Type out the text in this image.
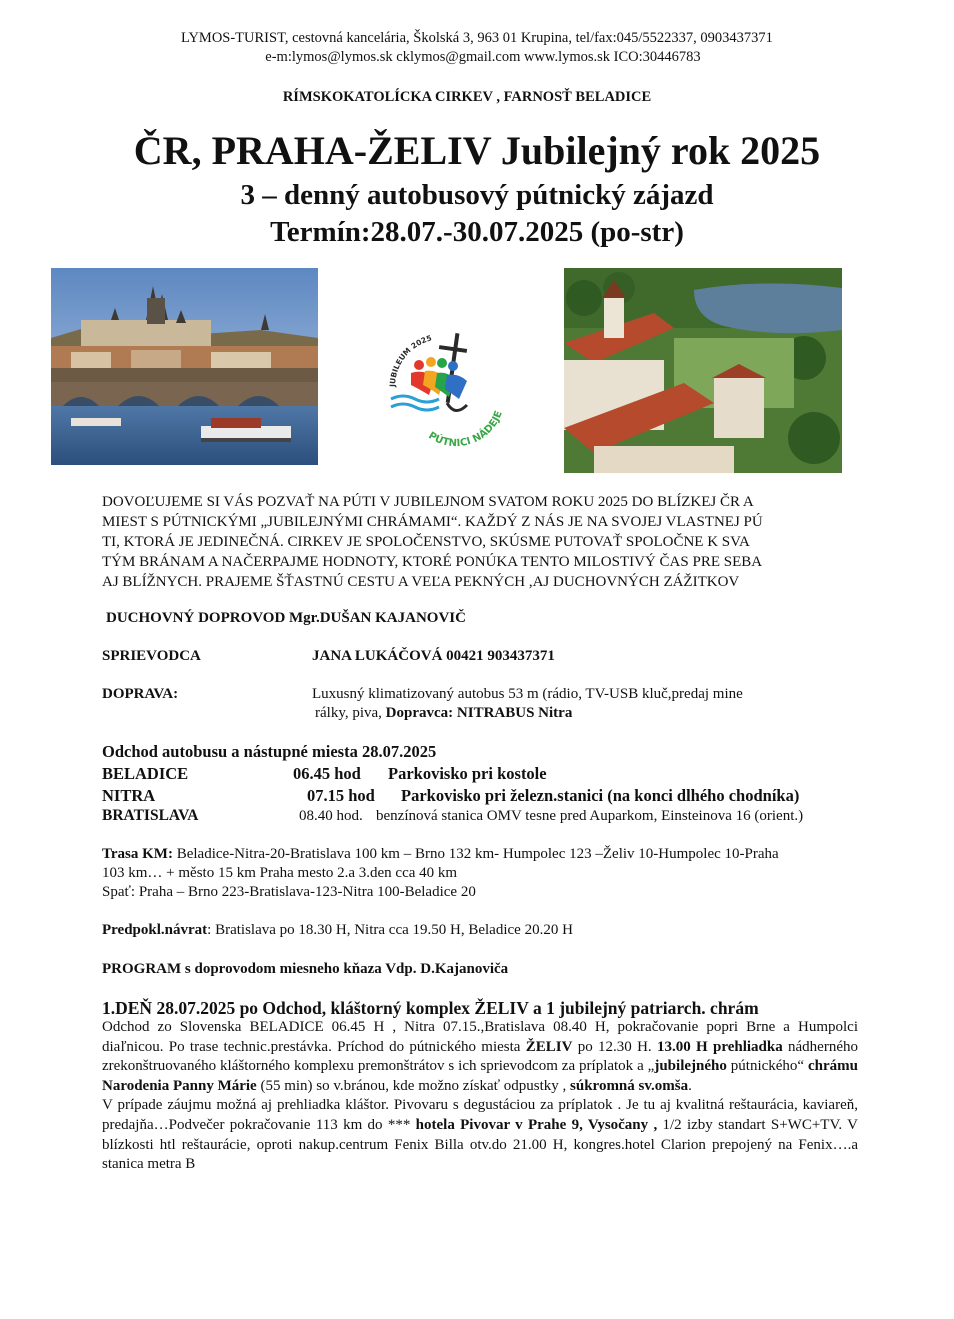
LYMOS-TURIST, cestovná kancelária, Školská 3, 963 01 Krupina, tel/fax:045/5522337, 0903437371
e-m:lymos@lymos.sk cklymos@gmail.com www.lymos.sk ICO:30446783
RÍMSKOKATOLÍCKA CIRKEV , FARNOSŤ BELADICE
ČR, PRAHA-ŽELIV Jubilejný rok 2025
3 – denný autobusový pútnický zájazd
Termín:28.07.-30.07.2025 (po-str)
JUBILEUM 2025
PÚTNICI NÁDEJ
DOVOĽUJEME SI VÁS POZVAŤ NA PÚTI V JUBILEJNOM SVATOM ROKU 2025 DO BLÍZKEJ ČR A
MIEST S PÚTNICKÝMI „JUBILEJNÝMI CHRÁMAMI“. KAŽDÝ Z NÁS JE NA SVOJEJ VLASTNEJ PÚ
TI, KTORÁ JE JEDINEČNÁ. CIRKEV JE SPOLOČENSTVO, SKÚSME PUTOVAŤ SPOLOČNE K SVA
TÝM BRÁNAM A NAČERPAJME HODNOTY, KTORÉ PONÚKA TENTO MILOSTIVÝ ČAS PRE SEBA
AJ BLÍŽNYCH. PRAJEME ŠŤASTNÚ CESTU A VEĽA PEKNÝCH ,AJ DUCHOVNÝCH ZÁŽITKOV
DUCHOVNÝ DOPROVOD Mgr.DUŠAN KAJANOVIČ
SPRIEVODCA	JANA LUKÁČOVÁ 00421 903437371
DOPRAVA:	Luxusný klimatizovaný autobus 53 m (rádio, TV-USB kluč,predaj mine
rálky, piva, Dopravca: NITRABUS Nitra
Odchod autobusu a nástupné miesta 28.07.2025
BELADICE	06.45 hod Parkovisko pri kostole
NITRA	07.15 hod Parkovisko pri železn.stanici (na konci dlhého chodníka)
BRATISLAVA	08.40 hod. benzínová stanica OMV tesne pred Auparkom, Einsteinova 16 (orient.)
Trasa KM: Beladice-Nitra-20-Bratislava 100 km – Brno 132 km- Humpolec 123 –Želiv 10-Humpolec 10-Praha
103 km… + město 15 km Praha mesto 2.a 3.den cca 40 km
Spať: Praha – Brno 223-Bratislava-123-Nitra 100-Beladice 20
Predpokl.návrat: Bratislava po 18.30 H, Nitra cca 19.50 H, Beladice 20.20 H
PROGRAM s doprovodom miesneho kňaza Vdp. D.Kajanoviča
1.DEŇ 28.07.2025 po Odchod, kláštorný komplex ŽELIV a 1 jubilejný patriarch. chrám

Odchod zo Slovenska BELADICE 06.45 H , Nitra 07.15.,Bratislava 08.40 H, pokračovanie popri Brne a Humpolci diaľnicou. Po trase technic.prestávka. Príchod do pútnického miesta ŽELIV po 12.30 H. 13.00 H prehliadka nádherného zrekonštruovaného kláštorného komplexu premonštrátov s ich sprievodcom za príplatok a „jubilejného pútnického“ chrámu Narodenia Panny Márie (55 min) so v.bránou, kde možno získať odpustky , súkromná sv.omša.

V prípade záujmu možná aj prehliadka kláštor. Pivovaru s degustáciou za príplatok . Je tu aj kvalitná reštaurácia, kaviareň, predajňa…Podvečer pokračovanie 113 km do *** hotela Pivovar v Prahe 9, Vysočany , 1/2 izby standart S+WC+TV. V blízkosti htl reštaurácie, oproti nakup.centrum Fenix Billa otv.do 21.00 H, kongres.hotel Clarion prepojený na Fenix….a stanica metra B
